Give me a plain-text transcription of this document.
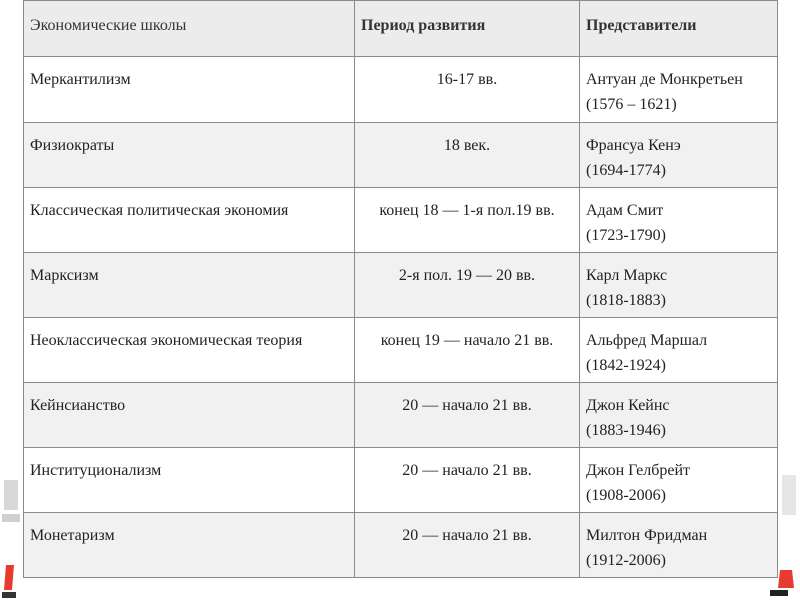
Экономические школы	Период развития	Представители
Меркантилизм	16-17 вв.	Антуан де Монкретьен
(1576 – 1621)

Физиократы	18 век.	Франсуа Кенэ
(1694-1774)

Классическая политическая экономия	конец 18 — 1-я пол.19 вв.	Адам Смит
(1723-1790)

Марксизм	2-я пол. 19 — 20 вв.	Карл Маркс
(1818-1883)

Неоклассическая экономическая теория	конец 19 — начало 21 вв.	Альфред Маршал
(1842-1924)

Кейнсианство	20 — начало 21 вв.	Джон Кейнс
(1883-1946)

Институционализм	20 — начало 21 вв.	Джон Гелбрейт
(1908-2006)

Монетаризм	20 — начало 21 вв.	Милтон Фридман
(1912-2006)
